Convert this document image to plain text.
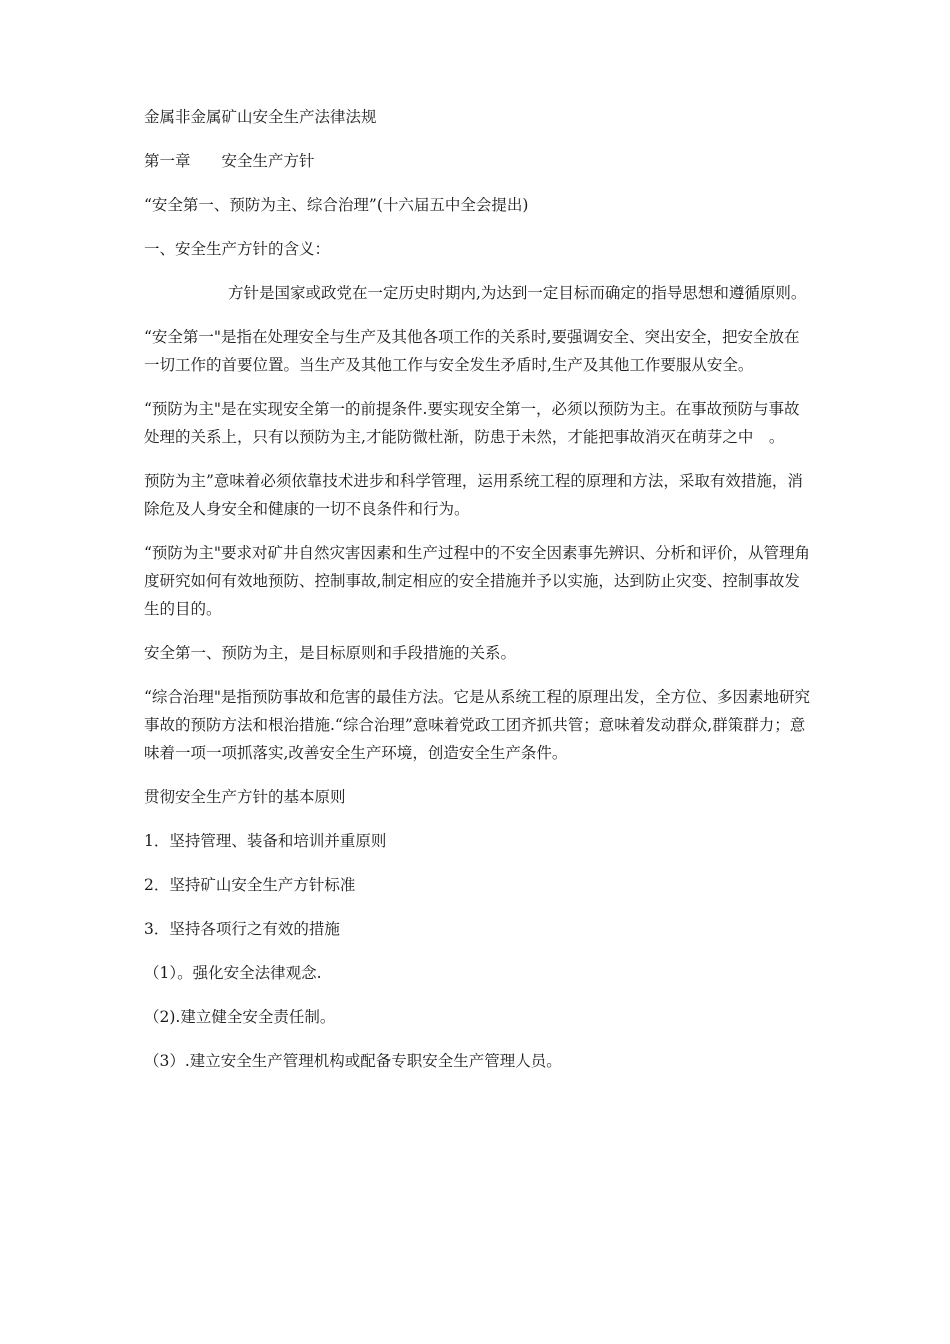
金属非金属矿山安全生产法律法规

第一章　　安全生产方针

“安全第一、预防为主、综合治理”(十六届五中全会提出)

一、安全生产方针的含义：

方针是国家或政党在一定历史时期内,为达到一定目标而确定的指导思想和遵循原则。

“安全第一"是指在处理安全与生产及其他各项工作的关系时,要强调安全、突出安全，把安全放在一切工作的首要位置。当生产及其他工作与安全发生矛盾时,生产及其他工作要服从安全。

“预防为主"是在实现安全第一的前提条件.要实现安全第一，必须以预防为主。在事故预防与事故处理的关系上，只有以预防为主,才能防微杜渐，防患于未然，才能把事故消灭在萌芽之中　。

预防为主”意味着必须依靠技术进步和科学管理，运用系统工程的原理和方法，采取有效措施，消除危及人身安全和健康的一切不良条件和行为。

“预防为主"要求对矿井自然灾害因素和生产过程中的不安全因素事先辨识、分析和评价，从管理角度研究如何有效地预防、控制事故,制定相应的安全措施并予以实施，达到防止灾变、控制事故发生的目的。

安全第一、预防为主，是目标原则和手段措施的关系。

“综合治理"是指预防事故和危害的最佳方法。它是从系统工程的原理出发，全方位、多因素地研究事故的预防方法和根治措施.“综合治理”意味着党政工团齐抓共管；意味着发动群众,群策群力；意味着一项一项抓落实,改善安全生产环境，创造安全生产条件。

贯彻安全生产方针的基本原则

1．坚持管理、装备和培训并重原则

2．坚持矿山安全生产方针标准

3．坚持各项行之有效的措施

（1）。强化安全法律观念.

（2).建立健全安全责任制。

（3）.建立安全生产管理机构或配备专职安全生产管理人员。
